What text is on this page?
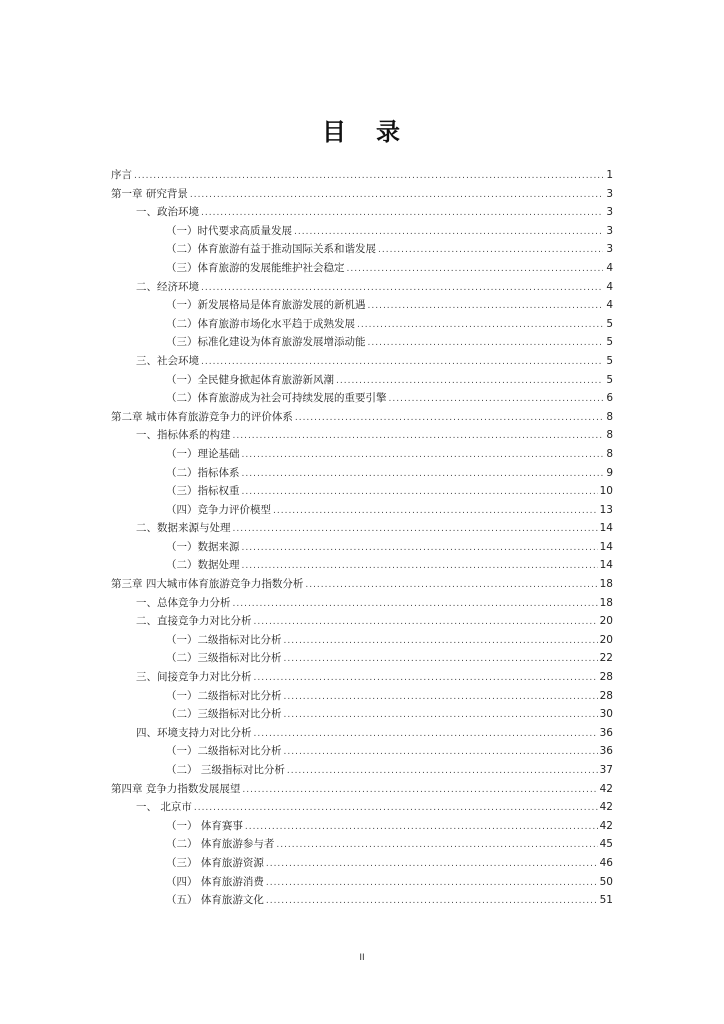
目 录
序言 .....	1
第一章 研究背景 .....	3
一、政治环境 .....	3
（一）时代要求高质量发展 .....	3
（二）体育旅游有益于推动国际关系和谐发展 .....	3
（三）体育旅游的发展能维护社会稳定 .....	4
二、经济环境 .....	4
（一）新发展格局是体育旅游发展的新机遇 .....	4
（二）体育旅游市场化水平趋于成熟发展 .....	5
（三）标准化建设为体育旅游发展增添动能 .....	5
三、社会环境 .....	5
（一）全民健身掀起体育旅游新风潮 .....	5
（二）体育旅游成为社会可持续发展的重要引擎 .....	6
第二章 城市体育旅游竞争力的评价体系 .....	8
一、指标体系的构建 .....	8
（一）理论基础 .....	8
（二）指标体系 .....	9
（三）指标权重 .....	10
（四）竞争力评价模型 .....	13
二、数据来源与处理 .....	14
（一）数据来源 .....	14
（二）数据处理 .....	14
第三章 四大城市体育旅游竞争力指数分析 .....	18
一、总体竞争力分析 .....	18
二、直接竞争力对比分析 .....	20
（一）二级指标对比分析 .....	20
（二）三级指标对比分析 .....	22
三、间接竞争力对比分析 .....	28
（一）二级指标对比分析 .....	28
（二）三级指标对比分析 .....	30
四、环境支持力对比分析 .....	36
（一）二级指标对比分析 .....	36
（二） 三级指标对比分析 .....	37
第四章 竞争力指数发展展望 .....	42
一、 北京市 .....	42
（一） 体育赛事 .....	42
（二） 体育旅游参与者 .....	45
（三） 体育旅游资源 .....	46
（四） 体育旅游消费 .....	50
（五） 体育旅游文化 .....	51
II
